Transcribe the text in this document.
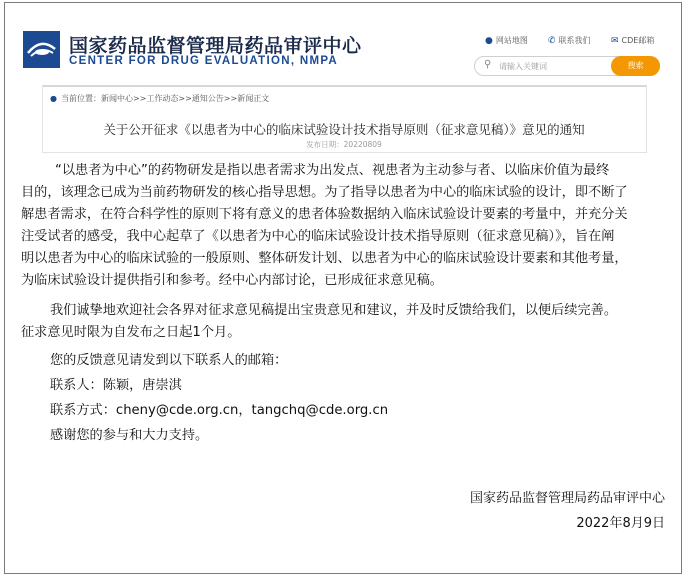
国家药品监督管理局药品审评中心
CENTER FOR DRUG EVALUATION, NMPA
● 网站地图 ✆ 联系我们 ✉ CDE邮箱
⚲ 请输入关键词	搜索
● 当前位置：新闻中心>>工作动态>>通知公告>>新闻正文
关于公开征求《以患者为中心的临床试验设计技术指导原则（征求意见稿）》意见的通知
发布日期：20220809
“以患者为中心”的药物研发是指以患者需求为出发点、视患者为主动参与者、以临床价值为最终
目的，该理念已成为当前药物研发的核心指导思想。为了指导以患者为中心的临床试验的设计，即不断了
解患者需求，在符合科学性的原则下将有意义的患者体验数据纳入临床试验设计要素的考量中，并充分关
注受试者的感受，我中心起草了《以患者为中心的临床试验设计技术指导原则（征求意见稿）》，旨在阐
明以患者为中心的临床试验的一般原则、整体研发计划、以患者为中心的临床试验设计要素和其他考量，
为临床试验设计提供指引和参考。经中心内部讨论，已形成征求意见稿。
我们诚挚地欢迎社会各界对征求意见稿提出宝贵意见和建议，并及时反馈给我们，以便后续完善。
征求意见时限为自发布之日起1个月。
您的反馈意见请发到以下联系人的邮箱：
联系人：陈颖，唐崇淇
联系方式：cheny@cde.org.cn，tangchq@cde.org.cn
感谢您的参与和大力支持。
国家药品监督管理局药品审评中心
2022年8月9日
